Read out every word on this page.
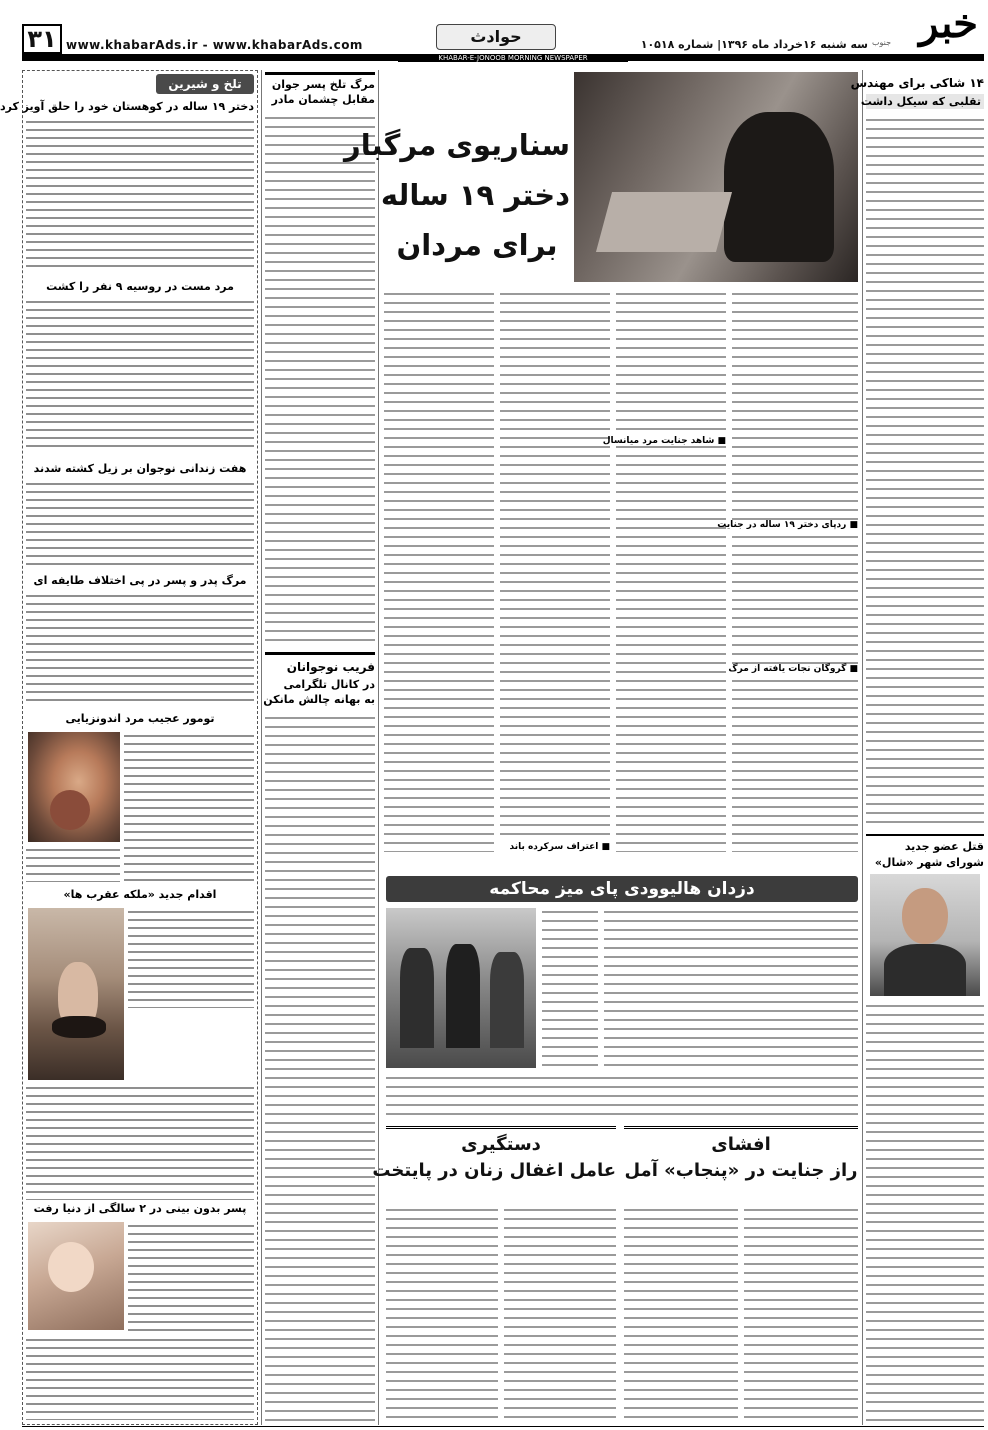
۳۱ www.khabarAds.ir - www.khabarAds.com	حوادث	سه شنبه ۱۶خرداد ماه ۱۳۹۶| شماره ۱۰۵۱۸ خبر
جنوب
KHABAR-E-JONOOB MORNING NEWSPAPER
تلخ و شیرین
دختر ۱۹ ساله در کوهستان خود را حلق آویز کرد
مرد مست در روسیه ۹ نفر را کشت
هفت زندانی نوجوان بر زیل کشته شدند
مرگ پدر و پسر در پی اختلاف طایفه ای
تومور عجیب مرد اندونزیایی
اقدام جدید «ملکه عقرب ها»
پسر بدون بینی در ۲ سالگی از دنیا رفت
مرگ تلخ پسر جوان
مقابل چشمان مادر
فریب نوجوانان
در کانال تلگرامی
به بهانه چالش مانکن
سناریوی مرگبار
دختر ۱۹ ساله
برای مردان
■ شاهد جنایت مرد میانسال
■ ردپای دختر ۱۹ ساله در جنایت
■ گروگان نجات یافته از مرگ
■ اعتراف سرکرده باند
۱۴ شاکی برای مهندس
تقلبی که سیکل داشت
قتل عضو جدید
شورای شهر «شال»
دزدان هالیوودی پای میز محاکمه
دستگیری
عامل اغفال زنان در پایتخت
افشای
راز جنایت در «پنجاب» آمل
